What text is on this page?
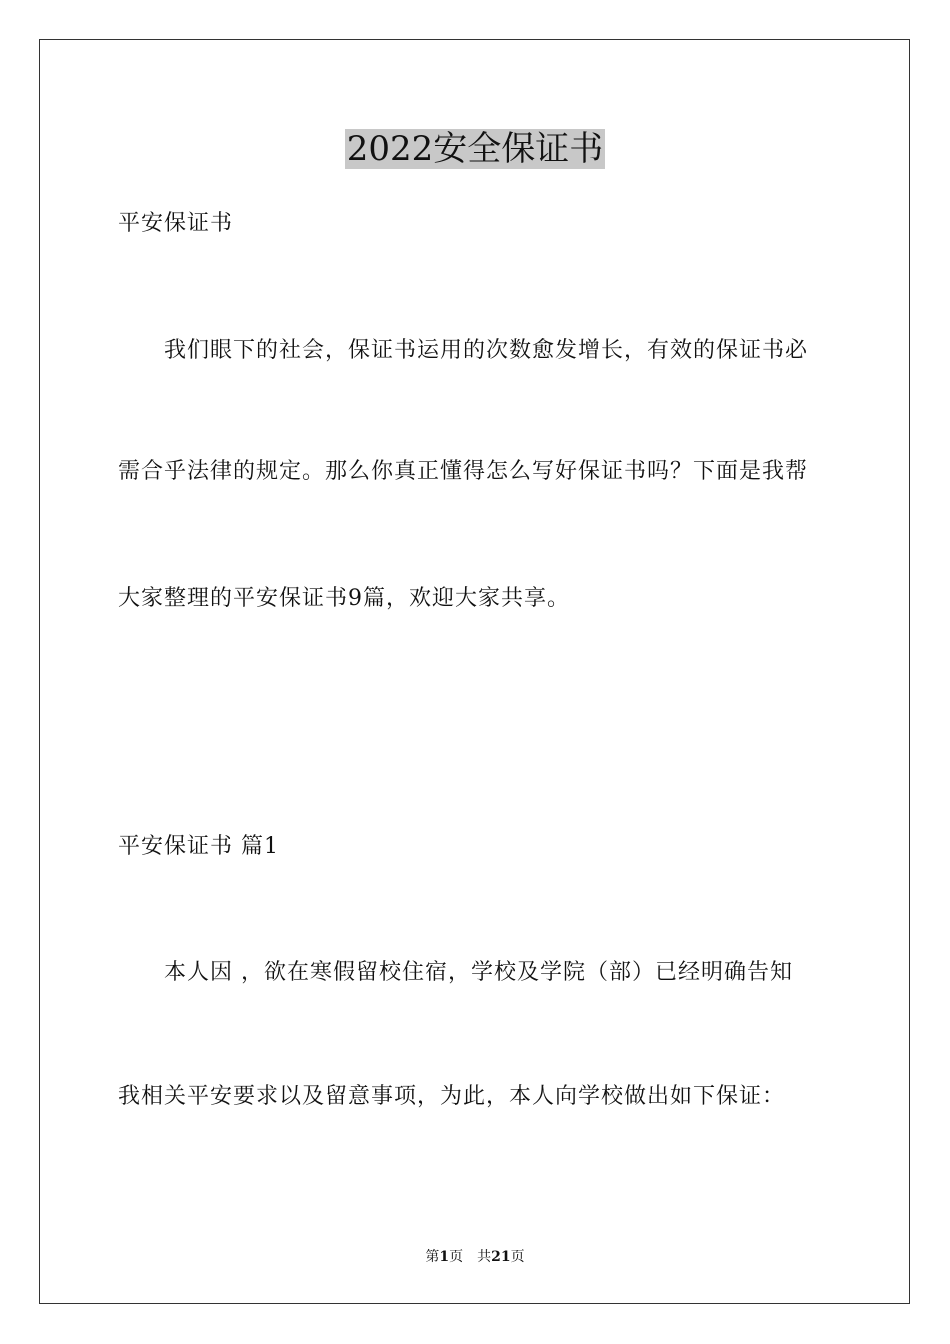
2022安全保证书

平安保证书

我们眼下的社会，保证书运用的次数愈发增长，有效的保证书必

需合乎法律的规定。那么你真正懂得怎么写好保证书吗？下面是我帮

大家整理的平安保证书9篇，欢迎大家共享。

平安保证书 篇1

本人因 ，欲在寒假留校住宿，学校及学院（部）已经明确告知

我相关平安要求以及留意事项，为此，本人向学校做出如下保证：

第1页 共21页
